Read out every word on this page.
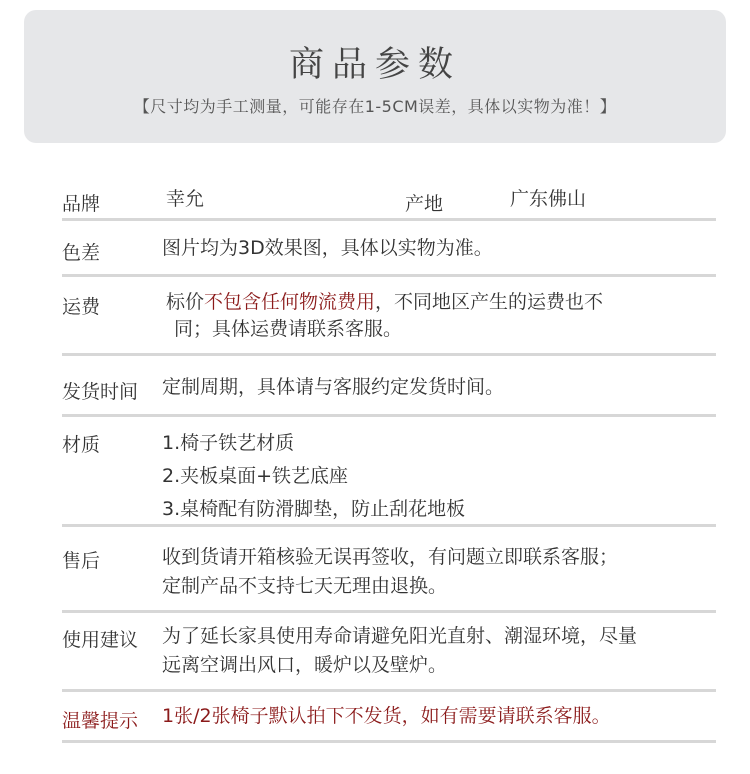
商品参数
【尺寸均为手工测量，可能存在1-5CM误差，具体以实物为准！】
品牌	幸允	产地	广东佛山
色差	图片均为3D效果图，具体以实物为准。
运费	标价不包含任何物流费用，不同地区产生的运费也不
同；具体运费请联系客服。
发货时间 定制周期，具体请与客服约定发货时间。
材质	1.椅子铁艺材质
2.夹板桌面+铁艺底座
3.桌椅配有防滑脚垫，防止刮花地板
售后	收到货请开箱核验无误再签收，有问题立即联系客服；
定制产品不支持七天无理由退换。
使用建议 为了延长家具使用寿命请避免阳光直射、潮湿环境，尽量
远离空调出风口，暖炉以及壁炉。
温馨提示 1张/2张椅子默认拍下不发货，如有需要请联系客服。
